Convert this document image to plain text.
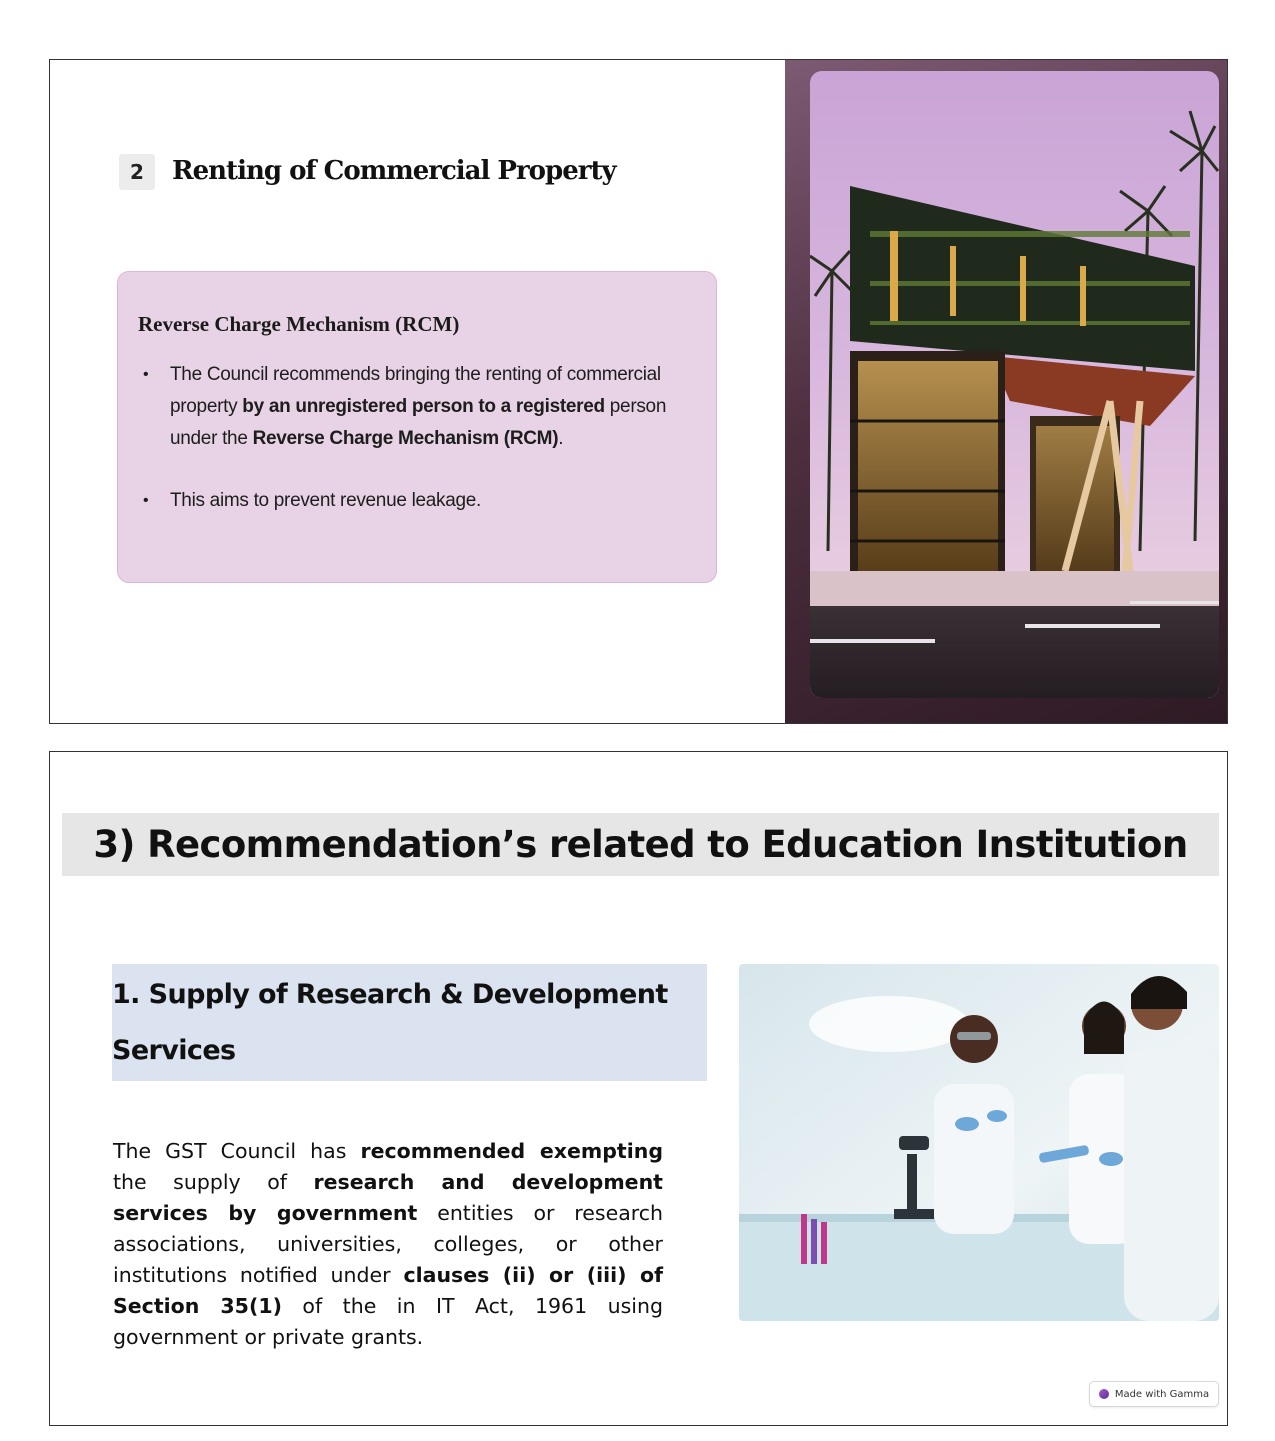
2	Renting of Commercial Property
Reverse Charge Mechanism (RCM)
• The Council recommends bringing the renting of commercial property by an unregistered person to a registered person under the Reverse Charge Mechanism (RCM).
• This aims to prevent revenue leakage.
3) Recommendation’s related to Education Institution
1. Supply of Research & Development Services

The GST Council has recommended exempting the supply of research and development services by government entities or research associations, universities, colleges, or other institutions notified under clauses (ii) or (iii) of Section 35(1) of the in IT Act, 1961 using government or private grants.

Made with Gamma
